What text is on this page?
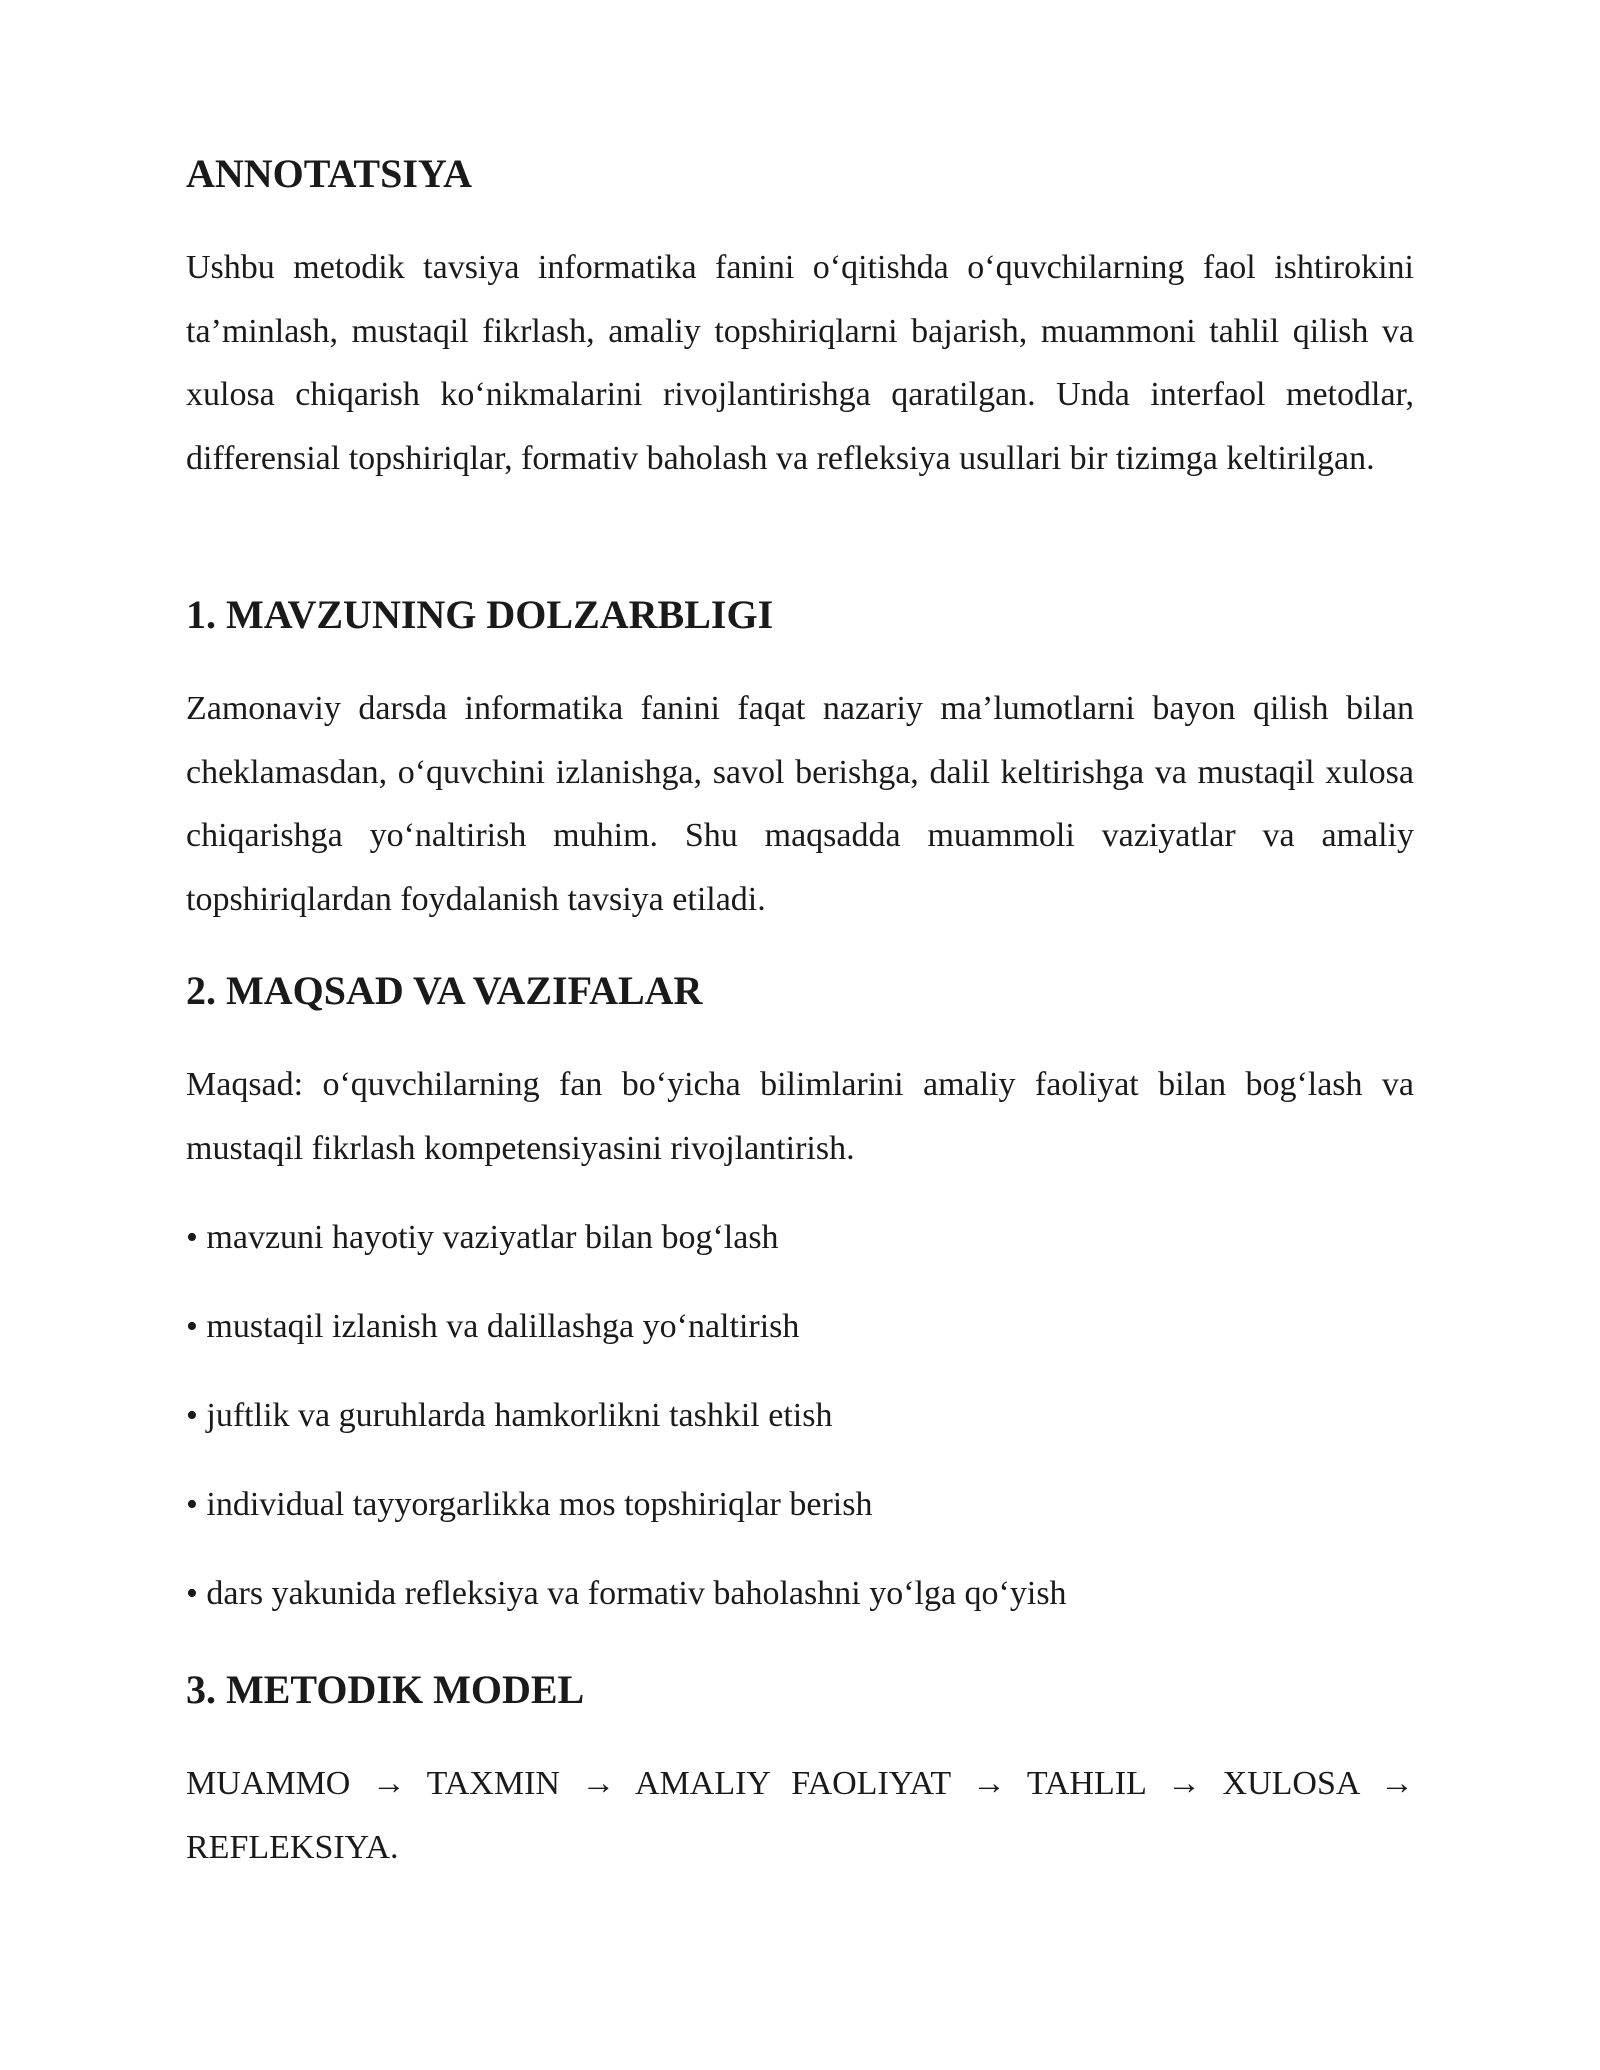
ANNOTATSIYA

Ushbu metodik tavsiya informatika fanini o‘qitishda o‘quvchilarning faol ishtirokini ta’minlash, mustaqil fikrlash, amaliy topshiriqlarni bajarish, muammoni tahlil qilish va xulosa chiqarish ko‘nikmalarini rivojlantirishga qaratilgan. Unda interfaol metodlar, differensial topshiriqlar, formativ baholash va refleksiya usullari bir tizimga keltirilgan.

1. MAVZUNING DOLZARBLIGI

Zamonaviy darsda informatika fanini faqat nazariy ma’lumotlarni bayon qilish bilan cheklamasdan, o‘quvchini izlanishga, savol berishga, dalil keltirishga va mustaqil xulosa chiqarishga yo‘naltirish muhim. Shu maqsadda muammoli vaziyatlar va amaliy topshiriqlardan foydalanish tavsiya etiladi.

2. MAQSAD VA VAZIFALAR

Maqsad: o‘quvchilarning fan bo‘yicha bilimlarini amaliy faoliyat bilan bog‘lash va mustaqil fikrlash kompetensiyasini rivojlantirish.

• mavzuni hayotiy vaziyatlar bilan bog‘lash
• mustaqil izlanish va dalillashga yo‘naltirish
• juftlik va guruhlarda hamkorlikni tashkil etish
• individual tayyorgarlikka mos topshiriqlar berish
• dars yakunida refleksiya va formativ baholashni yo‘lga qo‘yish
3. METODIK MODEL

MUAMMO → TAXMIN → AMALIY FAOLIYAT → TAHLIL → XULOSA → REFLEKSIYA.
